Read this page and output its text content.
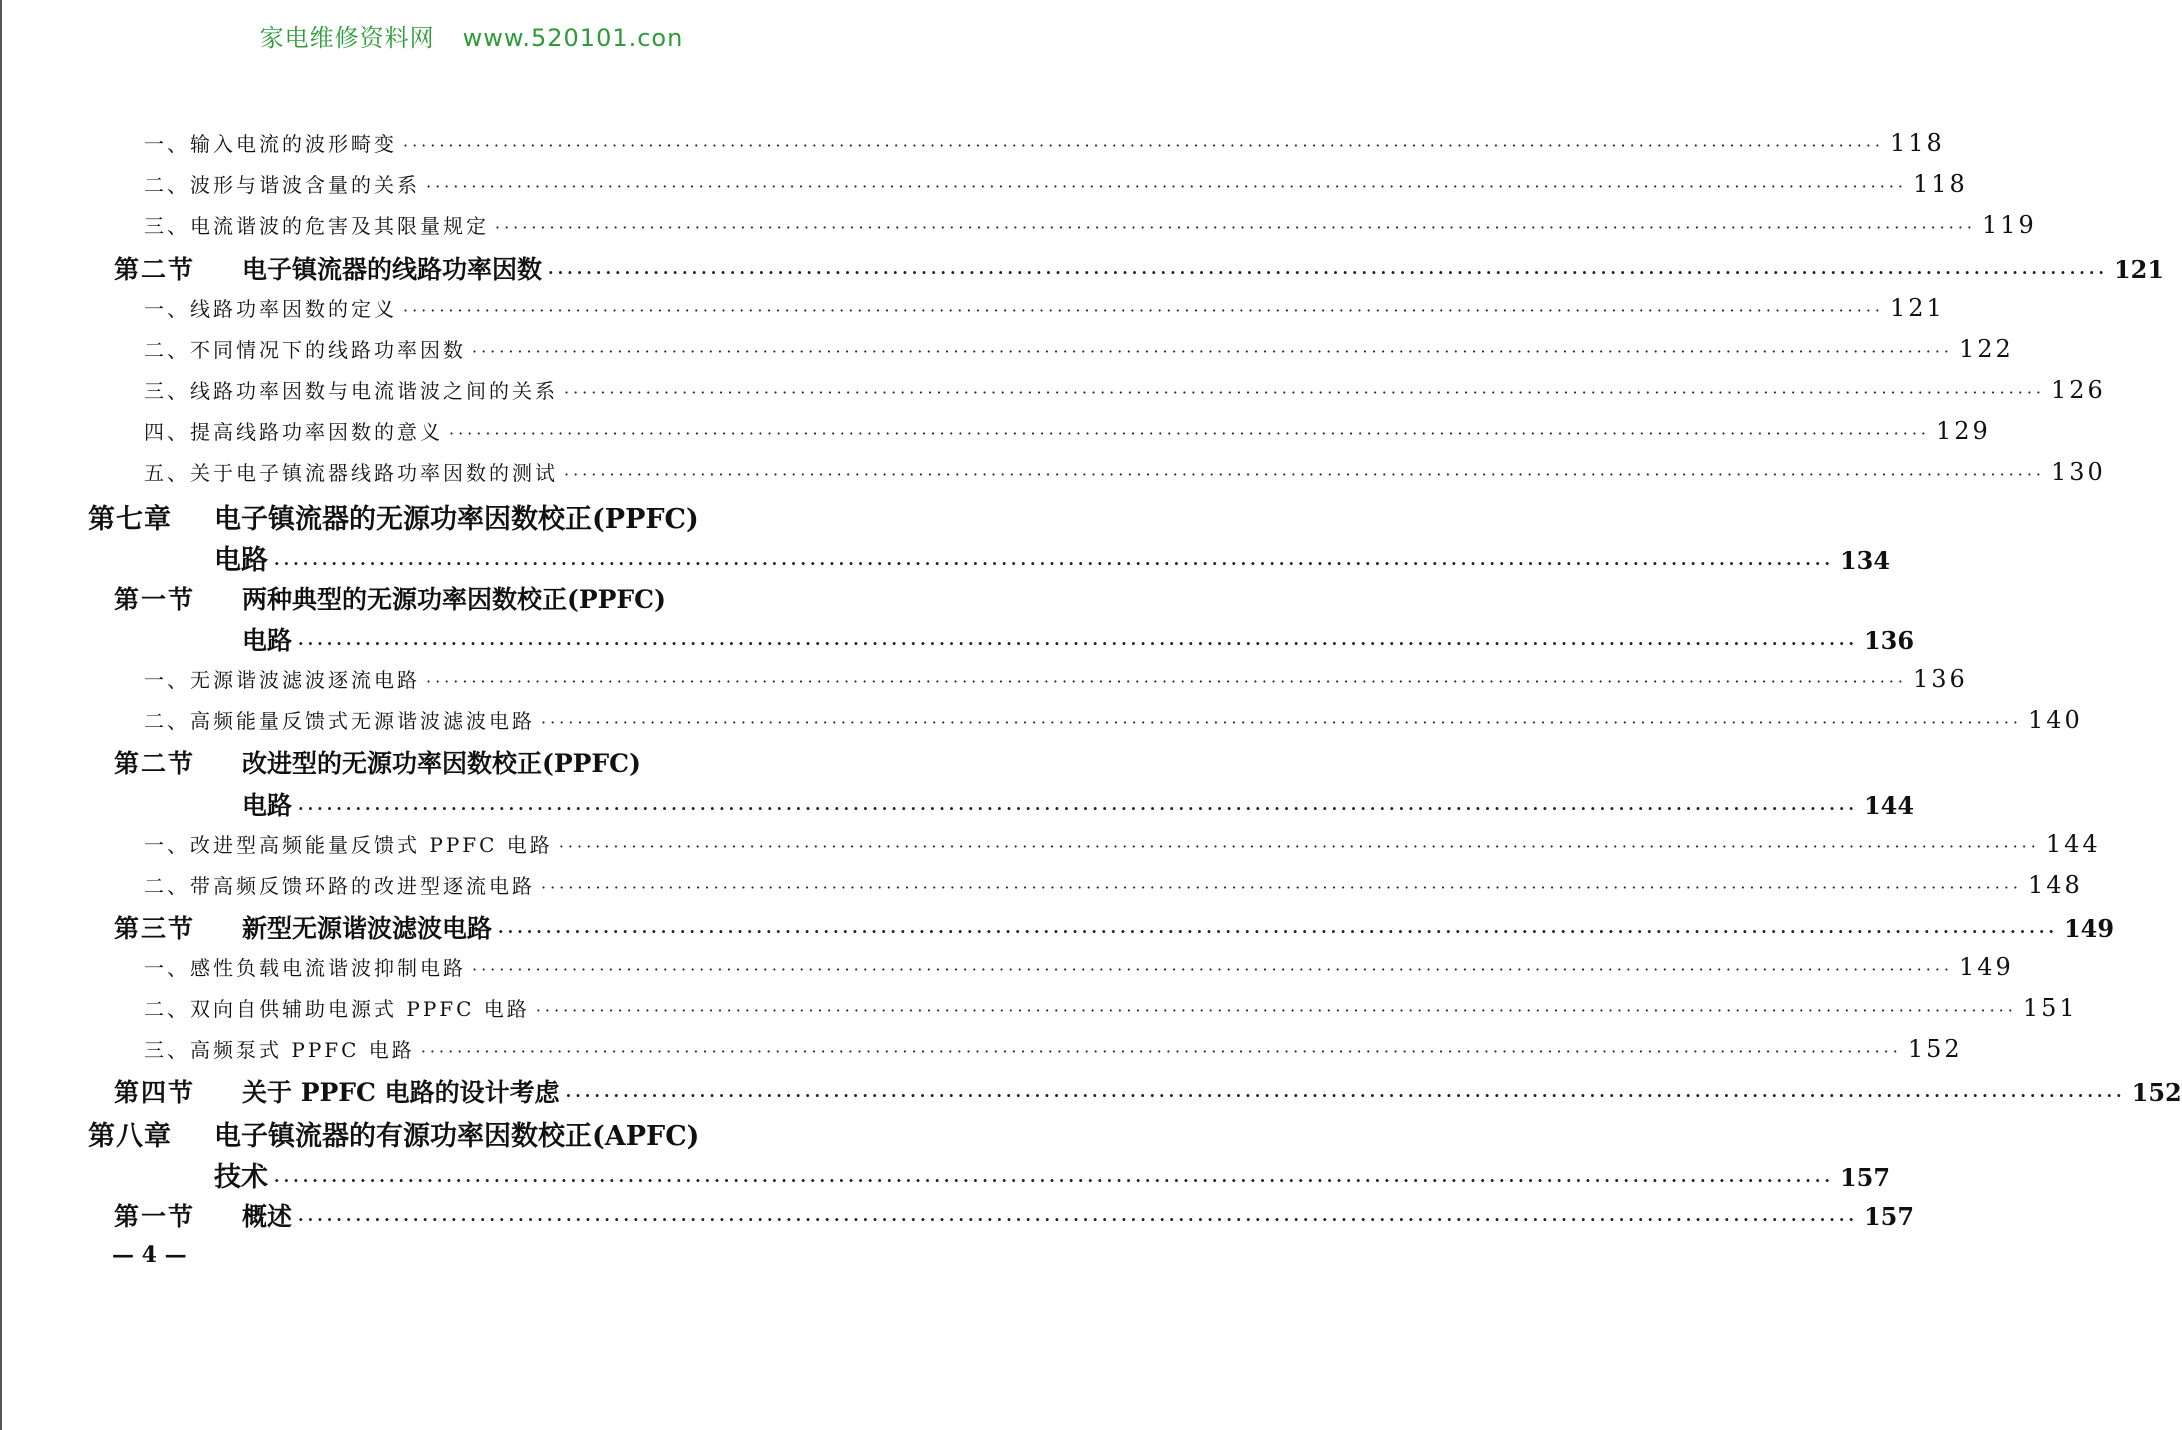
家电维修资料网 www.520101.con
一、输入电流的波形畸变 ·····	118
二、波形与谐波含量的关系 ·····	118
三、电流谐波的危害及其限量规定 ·····	119
第二节 电子镇流器的线路功率因数 ·····	121
一、线路功率因数的定义 ·····	121
二、不同情况下的线路功率因数 ·····	122
三、线路功率因数与电流谐波之间的关系 ·····	126
四、提高线路功率因数的意义 ·····	129
五、关于电子镇流器线路功率因数的测试 ·····	130
第七章 电子镇流器的无源功率因数校正(PPFC)
电路 ·····	134
第一节 两种典型的无源功率因数校正(PPFC)
电路 ·····	136
一、无源谐波滤波逐流电路 ·····	136
二、高频能量反馈式无源谐波滤波电路 ·····	140
第二节 改进型的无源功率因数校正(PPFC)
电路 ·····	144
一、改进型高频能量反馈式 PPFC 电路 ·····	144
二、带高频反馈环路的改进型逐流电路 ·····	148
第三节 新型无源谐波滤波电路 ·····	149
一、感性负载电流谐波抑制电路 ·····	149
二、双向自供辅助电源式 PPFC 电路 ·····	151
三、高频泵式 PPFC 电路 ·····	152
第四节 关于 PPFC 电路的设计考虑 ·····	152
第八章 电子镇流器的有源功率因数校正(APFC)
技术 ·····	157
第一节 概述 ·····	157
— 4 —
